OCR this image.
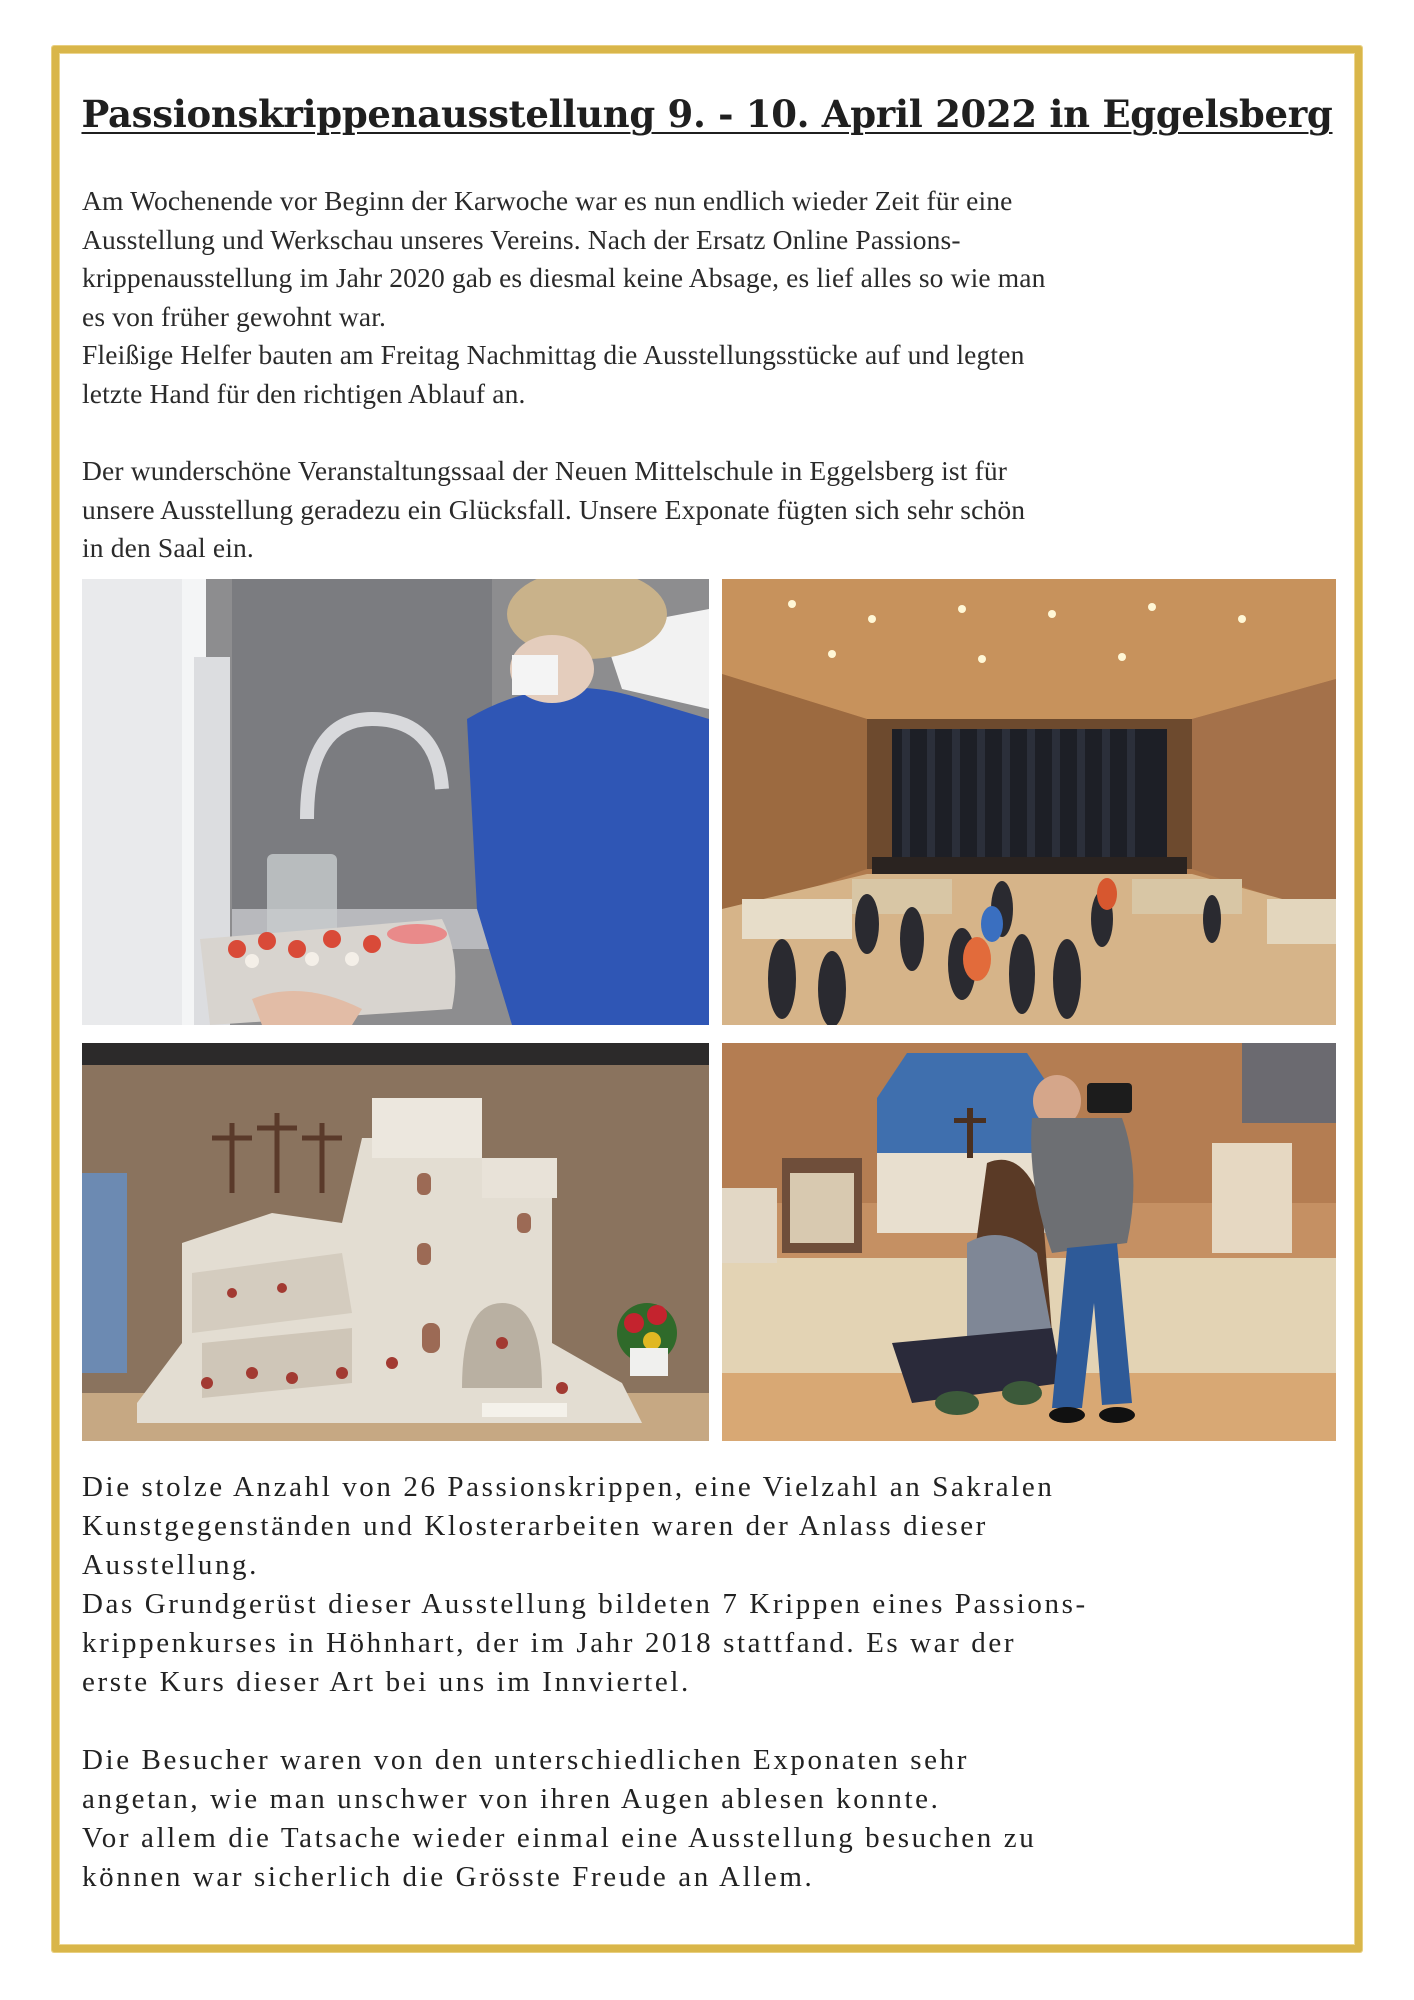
Passionskrippenausstellung 9. - 10. April 2022 in Eggelsberg

Am Wochenende vor Beginn der Karwoche war es nun endlich wieder Zeit für eine
Ausstellung und Werkschau unseres Vereins. Nach der Ersatz Online Passions-
krippenausstellung im Jahr 2020 gab es diesmal keine Absage, es lief alles so wie man
es von früher gewohnt war.
Fleißige Helfer bauten am Freitag Nachmittag die Ausstellungsstücke auf und legten
letzte Hand für den richtigen Ablauf an.

Der wunderschöne Veranstaltungssaal der Neuen Mittelschule in Eggelsberg ist für
unsere Ausstellung geradezu ein Glücksfall. Unsere Exponate fügten sich sehr schön
in den Saal ein.

Die stolze Anzahl von 26 Passionskrippen, eine Vielzahl an Sakralen
Kunstgegenständen und Klosterarbeiten waren der Anlass dieser
Ausstellung.
Das Grundgerüst dieser Ausstellung bildeten 7 Krippen eines Passions-
krippenkurses in Höhnhart, der im Jahr 2018 stattfand. Es war der
erste Kurs dieser Art bei uns im Innviertel.

Die Besucher waren von den unterschiedlichen Exponaten sehr
angetan, wie man unschwer von ihren Augen ablesen konnte.
Vor allem die Tatsache wieder einmal eine Ausstellung besuchen zu
können war sicherlich die Grösste Freude an Allem.
